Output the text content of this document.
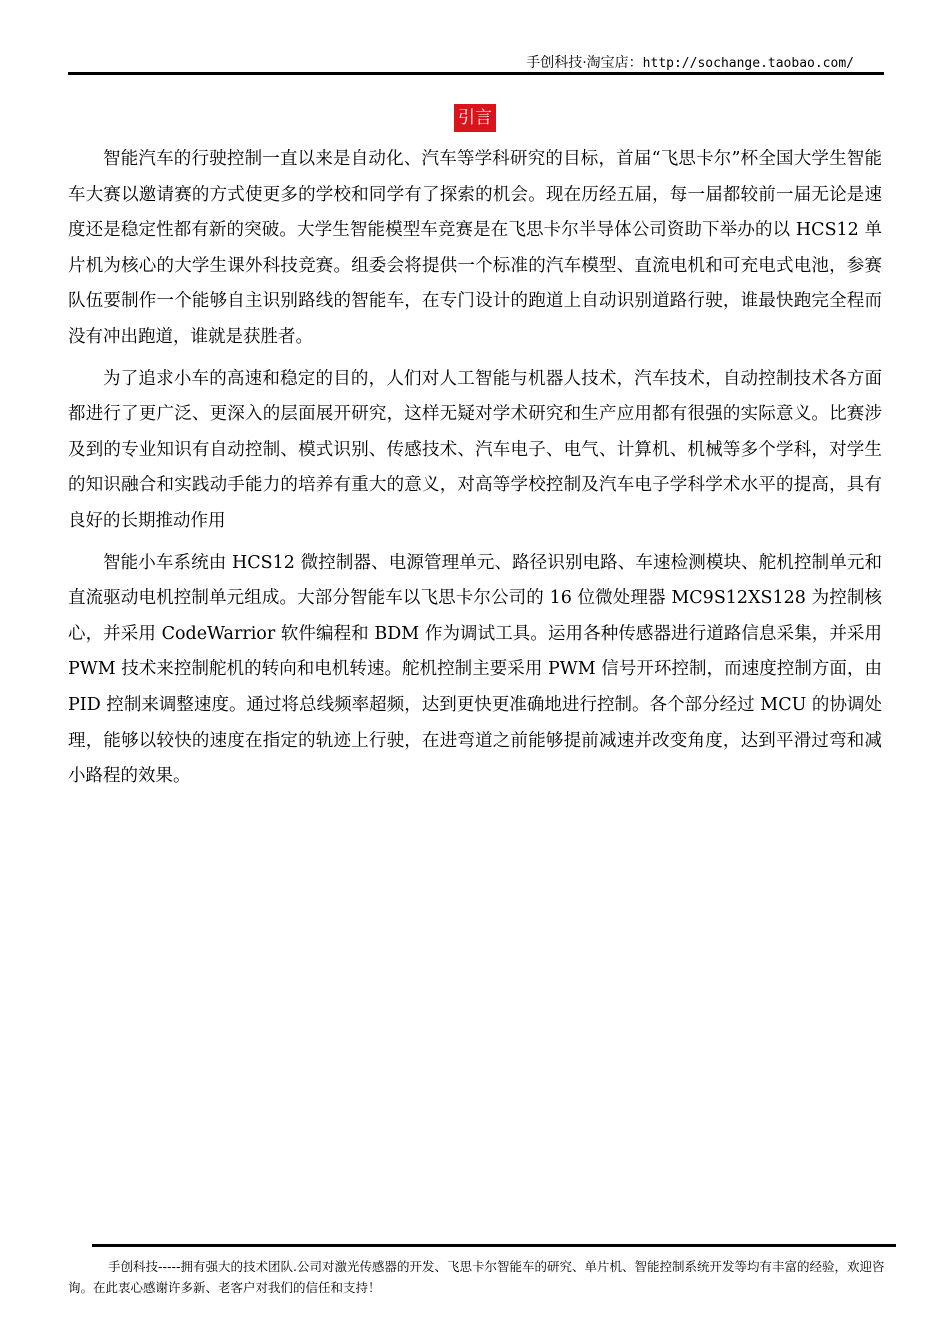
手创科技·淘宝店：http://sochange.taobao.com/
引言

智能汽车的行驶控制一直以来是自动化、汽车等学科研究的目标，首届“飞思卡尔”杯全国大学生智能车大赛以邀请赛的方式使更多的学校和同学有了探索的机会。现在历经五届，每一届都较前一届无论是速度还是稳定性都有新的突破。大学生智能模型车竞赛是在飞思卡尔半导体公司资助下举办的以 HCS12 单片机为核心的大学生课外科技竞赛。组委会将提供一个标准的汽车模型、直流电机和可充电式电池，参赛队伍要制作一个能够自主识别路线的智能车，在专门设计的跑道上自动识别道路行驶，谁最快跑完全程而没有冲出跑道，谁就是获胜者。

为了追求小车的高速和稳定的目的，人们对人工智能与机器人技术，汽车技术，自动控制技术各方面都进行了更广泛、更深入的层面展开研究，这样无疑对学术研究和生产应用都有很强的实际意义。比赛涉及到的专业知识有自动控制、模式识别、传感技术、汽车电子、电气、计算机、机械等多个学科，对学生的知识融合和实践动手能力的培养有重大的意义，对高等学校控制及汽车电子学科学术水平的提高，具有良好的长期推动作用

智能小车系统由 HCS12 微控制器、电源管理单元、路径识别电路、车速检测模块、舵机控制单元和直流驱动电机控制单元组成。大部分智能车以飞思卡尔公司的 16 位微处理器 MC9S12XS128 为控制核心，并采用 CodeWarrior 软件编程和 BDM 作为调试工具。运用各种传感器进行道路信息采集，并采用 PWM 技术来控制舵机的转向和电机转速。舵机控制主要采用 PWM 信号开环控制，而速度控制方面，由 PID 控制来调整速度。通过将总线频率超频，达到更快更准确地进行控制。各个部分经过 MCU 的协调处理，能够以较快的速度在指定的轨迹上行驶，在进弯道之前能够提前减速并改变角度，达到平滑过弯和减小路程的效果。

手创科技-----拥有强大的技术团队.公司对激光传感器的开发、飞思卡尔智能车的研究、单片机、智能控制系统开发等均有丰富的经验，欢迎咨询。在此衷心感谢许多新、老客户对我们的信任和支持！
